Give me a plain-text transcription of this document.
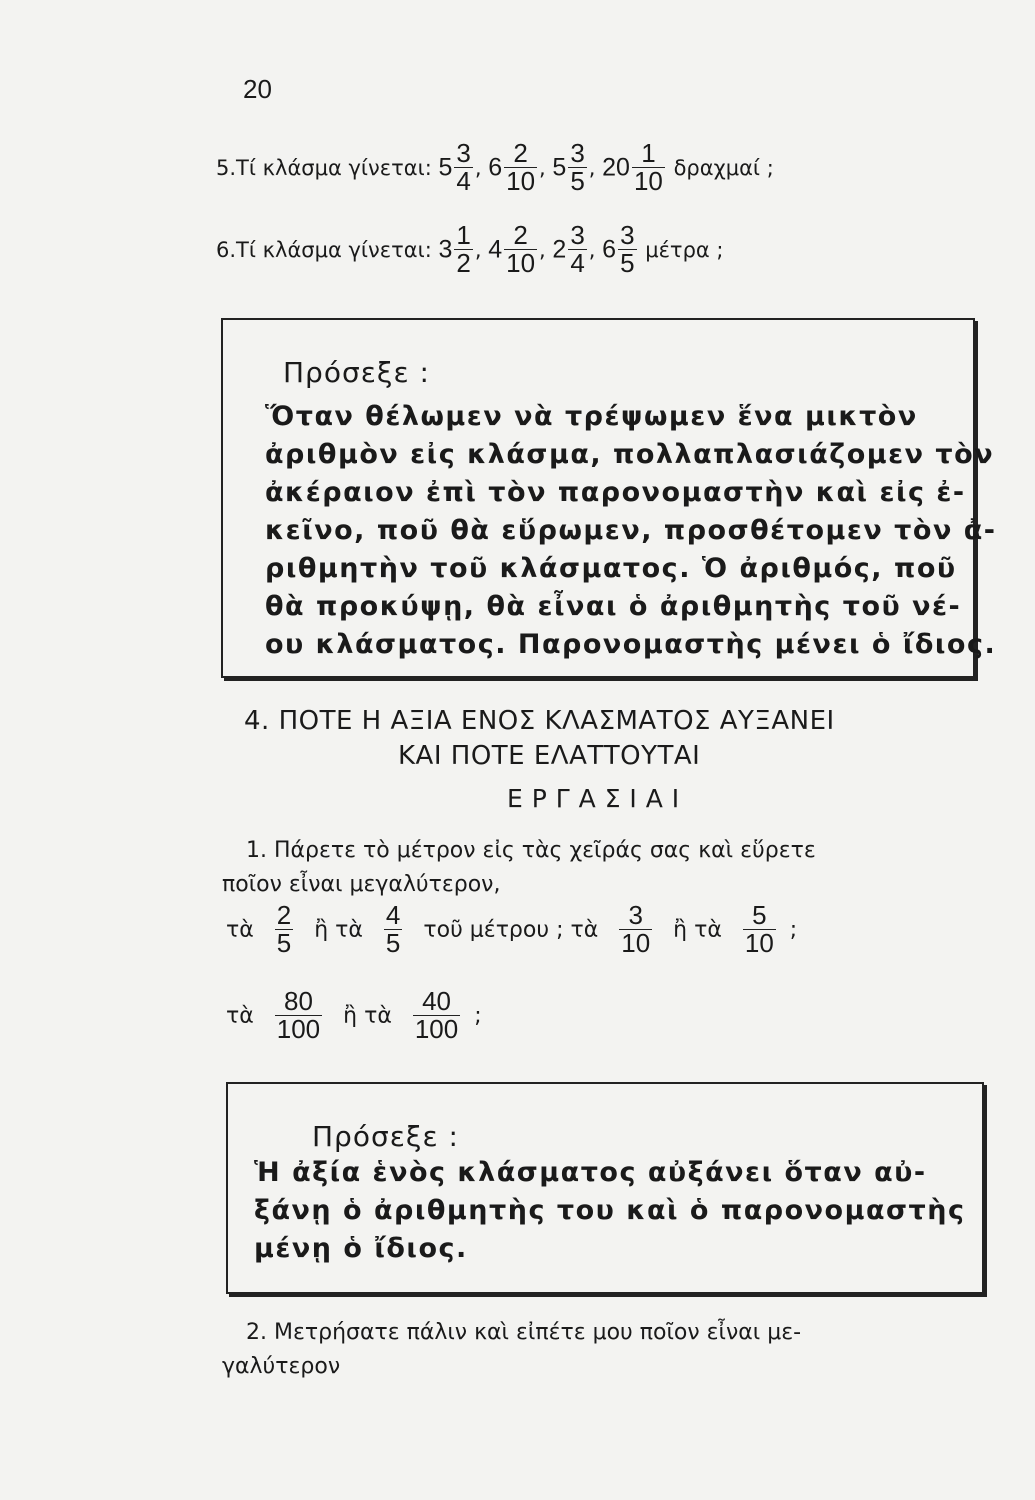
20
5.Τί κλάσμα γίνεται: $5 \frac{3}{4}$ , $6 \frac{2}{10}$ , $5 \frac{3}{5}$ , $20 \frac{1}{10}$ δραχμαί ;
6.Τί κλάσμα γίνεται: $3 \frac{1}{2}$ , $4 \frac{2}{10}$ , $2 \frac{3}{4}$ , $6 \frac{3}{5}$ μέτρα ;
Πρόσεξε :
Ὅταν θέλωμεν νὰ τρέψωμεν ἕνα μικτὸν
ἀριθμὸν εἰς κλάσμα, πολλαπλασιάζομεν τὸν
ἀκέραιον ἐπὶ τὸν παρονομαστὴν καὶ εἰς ἐ-
κεῖνο, ποῦ θὰ εὕρωμεν, προσθέτομεν τὸν ἀ-
ριθμητὴν τοῦ κλάσματος. Ὁ ἀριθμός, ποῦ
θὰ προκύψῃ, θὰ εἶναι ὁ ἀριθμητὴς τοῦ νέ-
ου κλάσματος. Παρονομαστὴς μένει ὁ ἴδιος.
4. ΠΟΤΕ Η ΑΞΙΑ ΕΝΟΣ ΚΛΑΣΜΑΤΟΣ ΑΥΞΑΝΕΙ
ΚΑΙ ΠΟΤΕ ΕΛΑΤΤΟΥΤΑΙ
Ε Ρ Γ Α Σ Ι Α Ι
1. Πάρετε τὸ μέτρον εἰς τὰς χεῖράς σας καὶ εὕρετε
ποῖον εἶναι μεγαλύτερον,
τὰ $\frac{2}{5}$ ἢ τὰ $\frac{4}{5}$ τοῦ μέτρου ; τὰ $\frac{3}{10}$ ἢ τὰ $\frac{5}{10}$ ;
τὰ $\frac{80}{100}$ ἢ τὰ $\frac{40}{100}$ ;
Πρόσεξε :
Ἡ ἀξία ἑνὸς κλάσματος αὐξάνει ὅταν αὐ-
ξάνῃ ὁ ἀριθμητὴς του καὶ ὁ παρονομαστὴς
μένῃ ὁ ἴδιος.
2. Μετρήσατε πάλιν καὶ εἰπέτε μου ποῖον εἶναι με-
γαλύτερον
